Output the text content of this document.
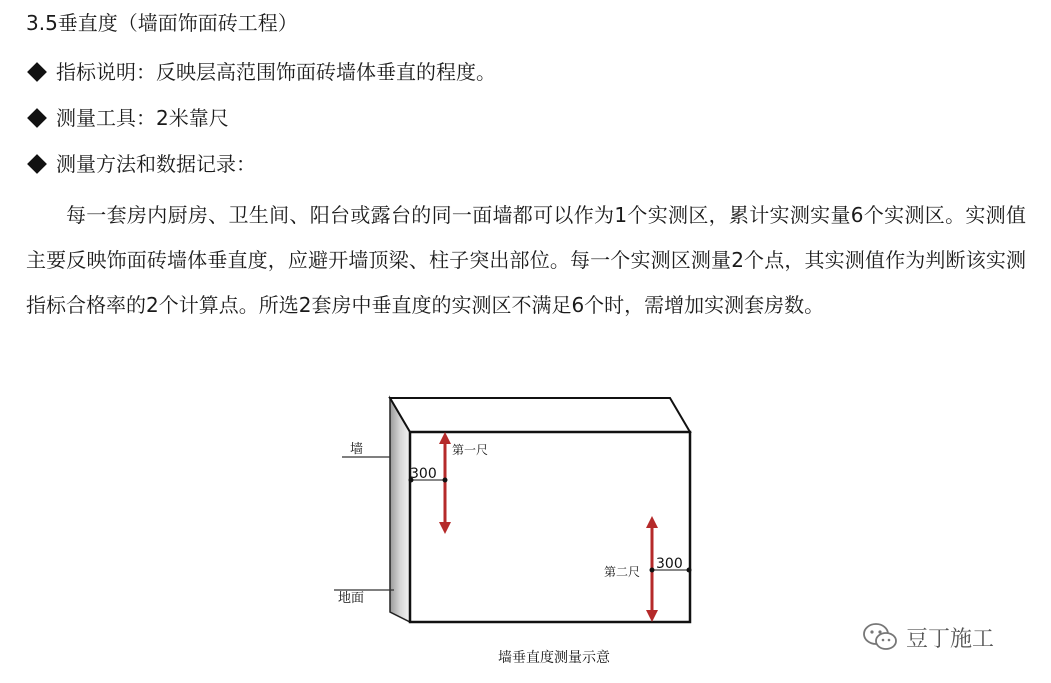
3.5垂直度（墙面饰面砖工程）
指标说明： 反映层高范围饰面砖墙体垂直的程度。
测量工具： 2米靠尺
测量方法和数据记录：
每一套房内厨房、卫生间、阳台或露台的同一面墙都可以作为1个实测区，累计实测实量6个实测区。实测值主要反映饰面砖墙体垂直度，应避开墙顶梁、柱子突出部位。每一个实测区测量2个点，其实测值作为判断该实测指标合格率的2个计算点。所选2套房中垂直度的实测区不满足6个时，需增加实测套房数。
墙
地面
300
第一尺
300
第二尺
墙垂直度测量示意
豆丁施工
